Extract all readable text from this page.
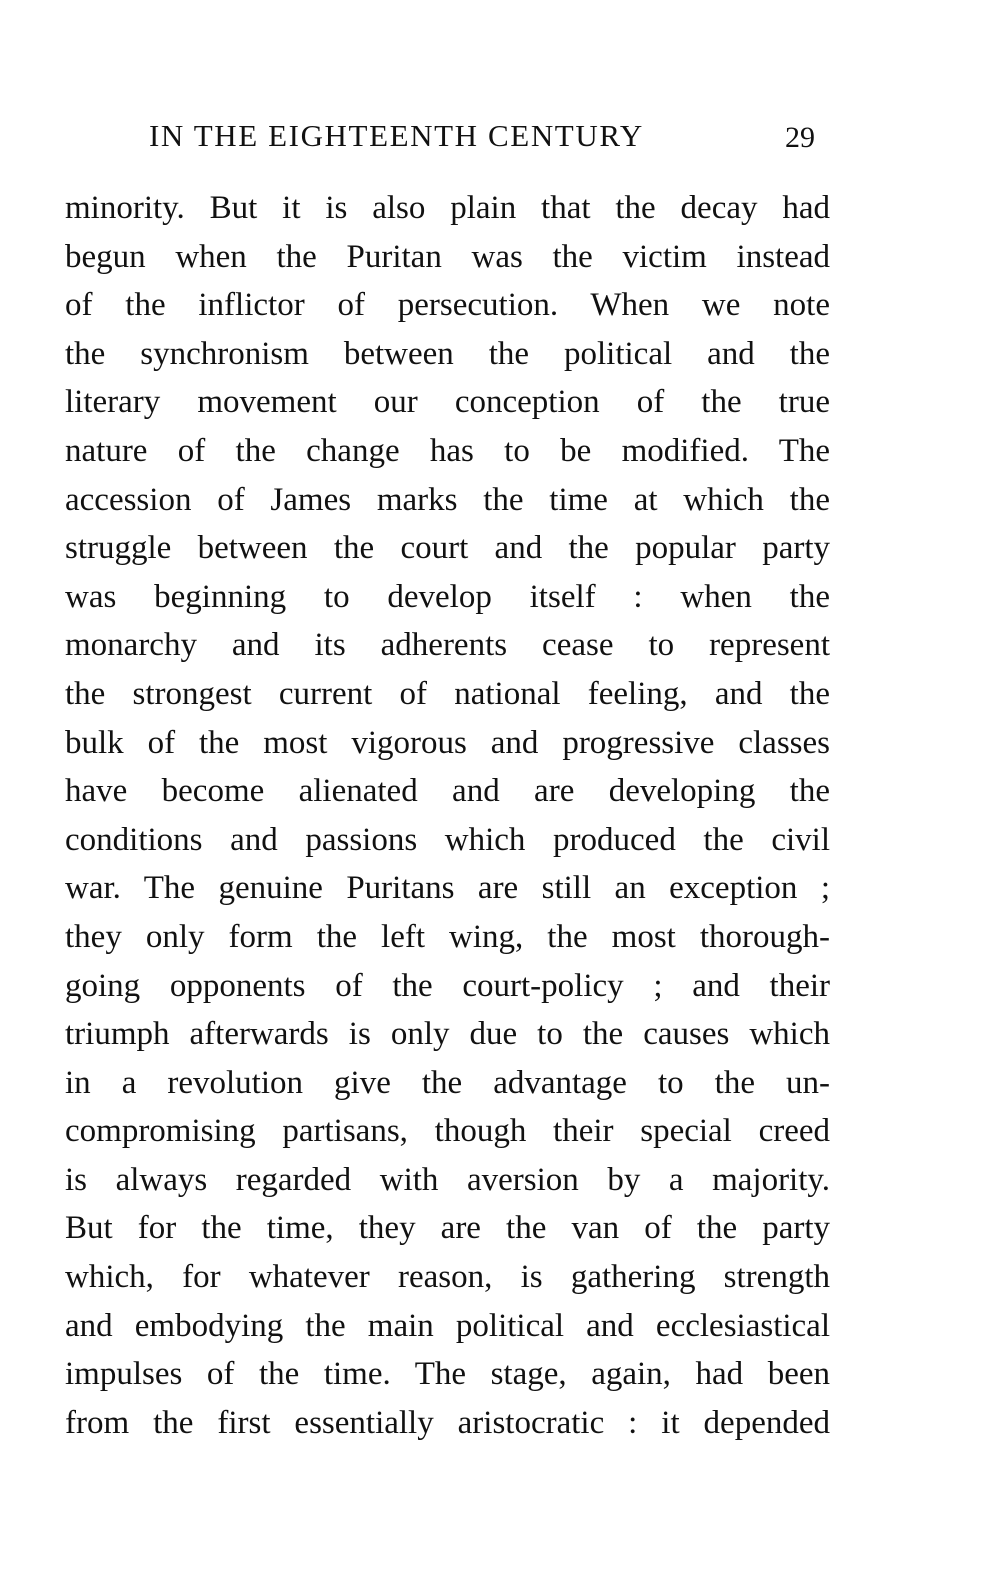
IN THE EIGHTEENTH CENTURY	29
minority. But it is also plain that the decay had
begun when the Puritan was the victim instead
of the inflictor of persecution. When we note
the synchronism between the political and the
literary movement our conception of the true
nature of the change has to be modified. The
accession of James marks the time at which the
struggle between the court and the popular party
was beginning to develop itself : when the
monarchy and its adherents cease to represent
the strongest current of national feeling, and the
bulk of the most vigorous and progressive classes
have become alienated and are developing the
conditions and passions which produced the civil
war. The genuine Puritans are still an exception ;
they only form the left wing, the most thorough-
going opponents of the court-policy ; and their
triumph afterwards is only due to the causes which
in a revolution give the advantage to the un-
compromising partisans, though their special creed
is always regarded with aversion by a majority.
But for the time, they are the van of the party
which, for whatever reason, is gathering strength
and embodying the main political and ecclesiastical
impulses of the time. The stage, again, had been
from the first essentially aristocratic : it depended
